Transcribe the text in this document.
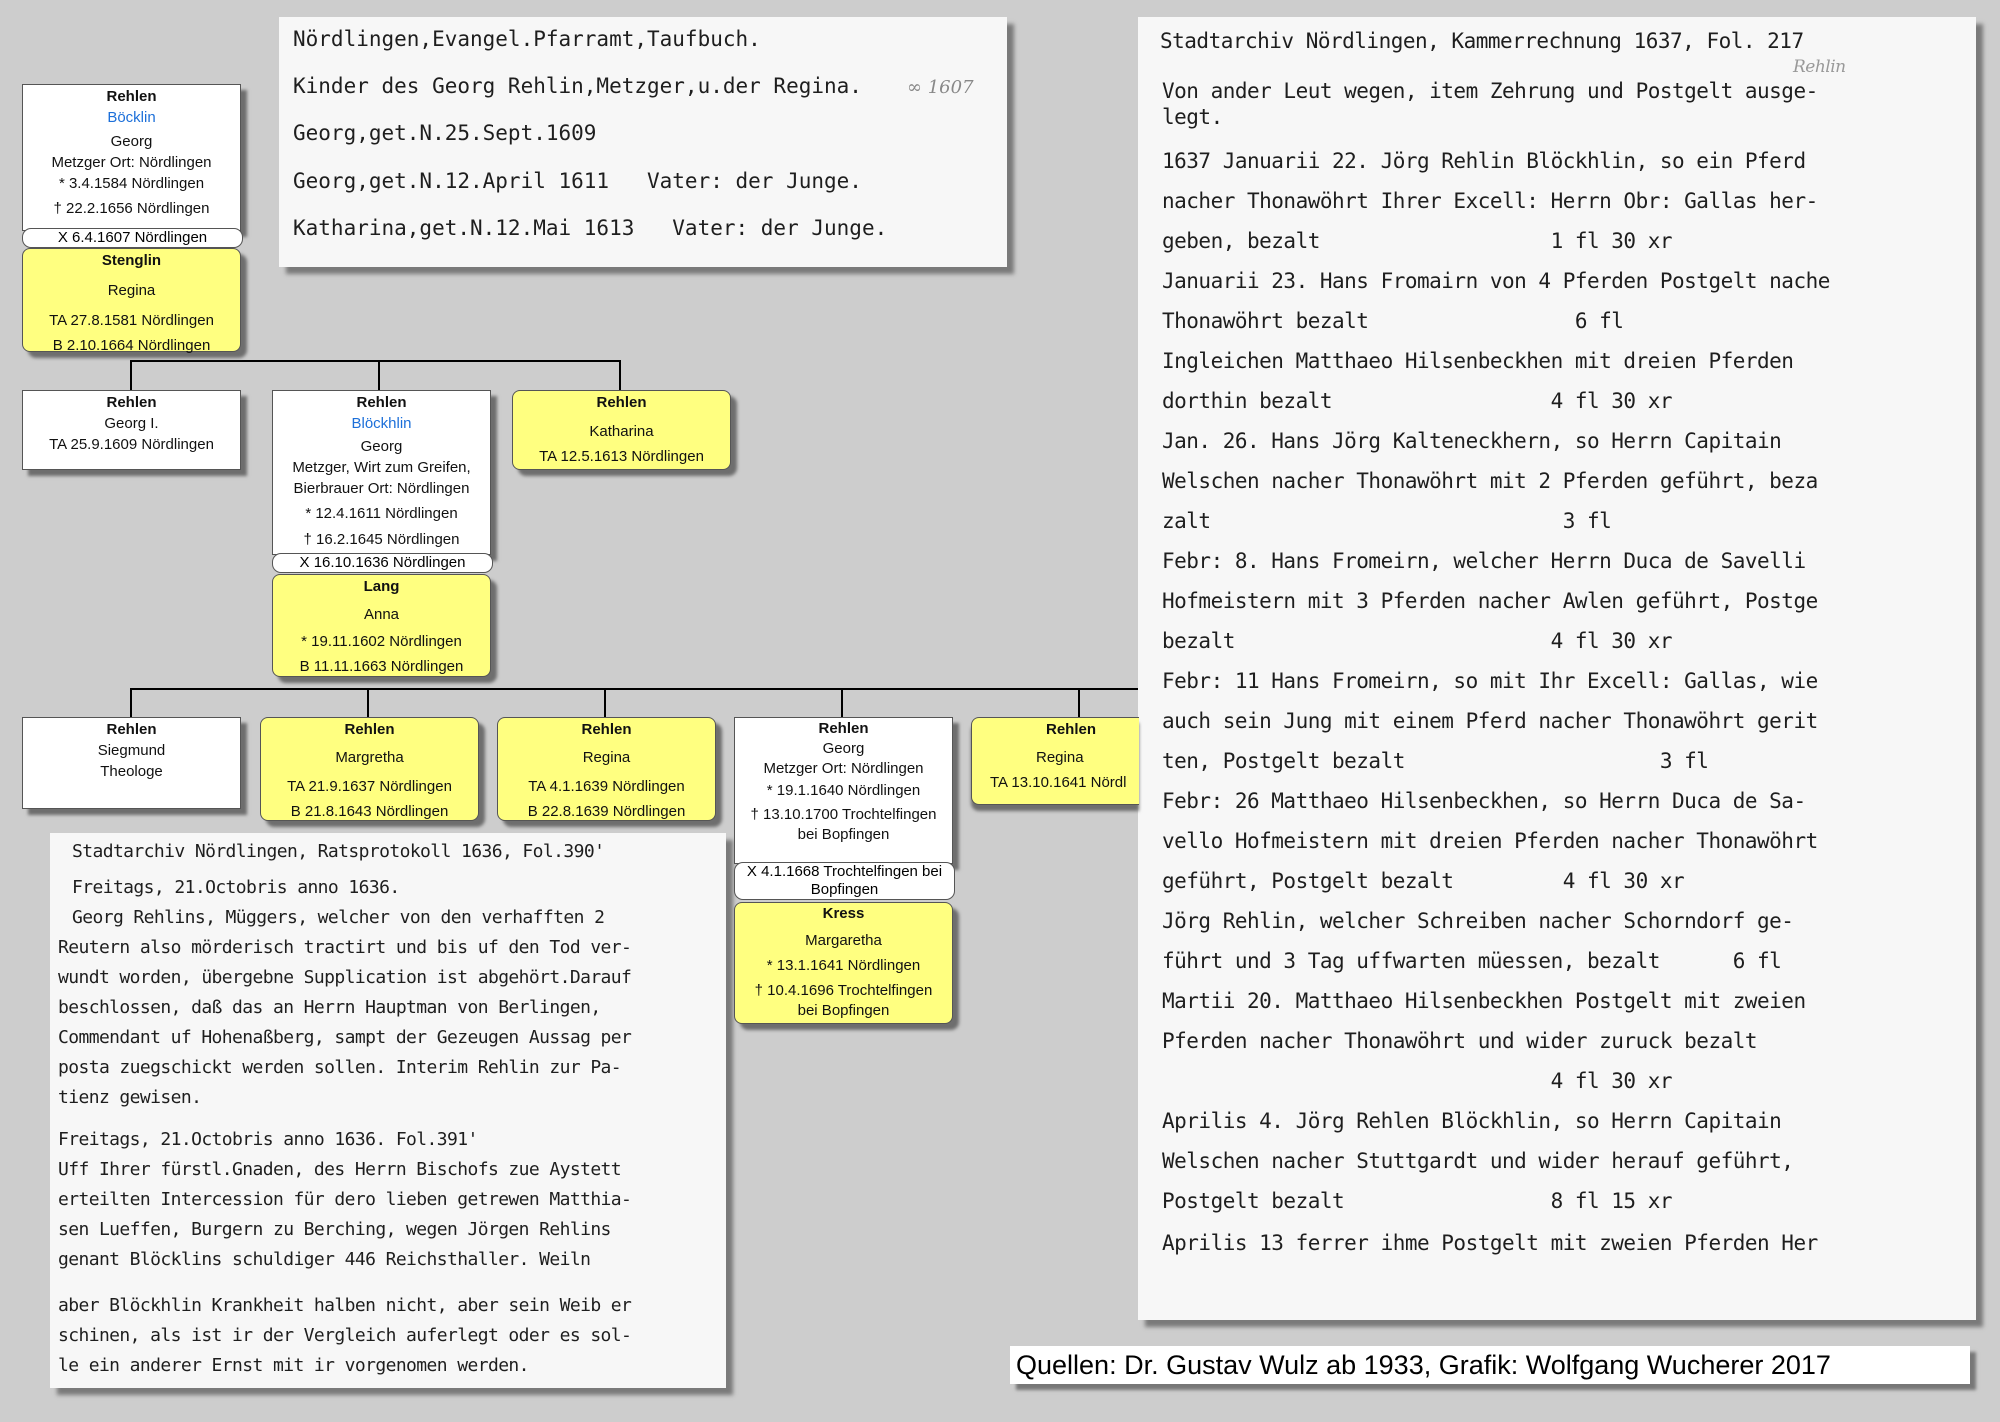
Nördlingen,Evangel.Pfarramt,Taufbuch.
Kinder des Georg Rehlin,Metzger,u.der Regina.	∞ 1607
Georg,get.N.25.Sept.1609
Georg,get.N.12.April 1611   Vater: der Junge.
Katharina,get.N.12.Mai 1613   Vater: der Junge.
Stadtarchiv Nördlingen, Ratsprotokoll 1636, Fol.390'
Freitags, 21.Octobris anno 1636.
Georg Rehlins, Müggers, welcher von den verhafften 2
Reutern also mörderisch tractirt und bis uf den Tod ver-
wundt worden, übergebne Supplication ist abgehört.Darauf
beschlossen, daß das an Herrn Hauptman von Berlingen,
Commendant uf Hohenaßberg, sampt der Gezeugen Aussag per
posta zuegschickt werden sollen. Interim Rehlin zur Pa-
tienz gewisen.
Freitags, 21.Octobris anno 1636. Fol.391'
Uff Ihrer fürstl.Gnaden, des Herrn Bischofs zue Aystett
erteilten Intercession für dero lieben getrewen Matthia-
sen Lueffen, Burgern zu Berching, wegen Jörgen Rehlins
genant Blöcklins schuldiger 446 Reichsthaller. Weiln
aber Blöckhlin Krankheit halben nicht, aber sein Weib er
schinen, als ist ir der Vergleich auferlegt oder es sol-
le ein anderer Ernst mit ir vorgenomen werden.
Rehlin
Stadtarchiv Nördlingen, Kammerrechnung 1637, Fol. 217
Von ander Leut wegen, item Zehrung und Postgelt ausge-
legt.
1637 Januarii 22. Jörg Rehlin Blöckhlin, so ein Pferd
nacher Thonawöhrt Ihrer Excell: Herrn Obr: Gallas her-
geben, bezalt                   1 fl 30 xr
Januarii 23. Hans Fromairn von 4 Pferden Postgelt nache
Thonawöhrt bezalt                 6 fl
Ingleichen Matthaeo Hilsenbeckhen mit dreien Pferden
dorthin bezalt                  4 fl 30 xr
Jan. 26. Hans Jörg Kalteneckhern, so Herrn Capitain
Welschen nacher Thonawöhrt mit 2 Pferden geführt, beza
zalt                             3 fl
Febr: 8. Hans Fromeirn, welcher Herrn Duca de Savelli
Hofmeistern mit 3 Pferden nacher Awlen geführt, Postge
bezalt                          4 fl 30 xr
Febr: 11 Hans Fromeirn, so mit Ihr Excell: Gallas, wie
auch sein Jung mit einem Pferd nacher Thonawöhrt gerit
ten, Postgelt bezalt                     3 fl
Febr: 26 Matthaeo Hilsenbeckhen, so Herrn Duca de Sa-
vello Hofmeistern mit dreien Pferden nacher Thonawöhrt
geführt, Postgelt bezalt         4 fl 30 xr
Jörg Rehlin, welcher Schreiben nacher Schorndorf ge-
führt und 3 Tag uffwarten müessen, bezalt      6 fl
Martii 20. Matthaeo Hilsenbeckhen Postgelt mit zweien
Pferden nacher Thonawöhrt und wider zuruck bezalt
4 fl 30 xr
Aprilis 4. Jörg Rehlen Blöckhlin, so Herrn Capitain
Welschen nacher Stuttgardt und wider herauf geführt,
Postgelt bezalt                 8 fl 15 xr
Aprilis 13 ferrer ihme Postgelt mit zweien Pferden Her
Rehlen
Böcklin
Georg
Metzger Ort: Nördlingen
* 3.4.1584 Nördlingen
† 22.2.1656 Nördlingen
X 6.4.1607 Nördlingen
Stenglin
Regina
TA 27.8.1581 Nördlingen
B 2.10.1664 Nördlingen
Rehlen
Georg I.
TA 25.9.1609 Nördlingen
Rehlen
Blöckhlin
Georg
Metzger, Wirt zum Greifen,
Bierbrauer Ort: Nördlingen
* 12.4.1611 Nördlingen
† 16.2.1645 Nördlingen
X 16.10.1636 Nördlingen
Lang
Anna
* 19.11.1602 Nördlingen
B 11.11.1663 Nördlingen
Rehlen
Katharina
TA 12.5.1613 Nördlingen
Rehlen
Siegmund
Theologe
Rehlen
Margretha
TA 21.9.1637 Nördlingen
B 21.8.1643 Nördlingen
Rehlen
Regina
TA 4.1.1639 Nördlingen
B 22.8.1639 Nördlingen
Rehlen
Georg
Metzger Ort: Nördlingen
* 19.1.1640 Nördlingen
† 13.10.1700 Trochtelfingen
bei Bopfingen
X 4.1.1668 Trochtelfingen bei
Bopfingen
Kress
Margaretha
* 13.1.1641 Nördlingen
† 10.4.1696 Trochtelfingen
bei Bopfingen
Rehlen
Regina
TA 13.10.1641 Nördl
Quellen: Dr. Gustav Wulz ab 1933, Grafik: Wolfgang Wucherer 2017
